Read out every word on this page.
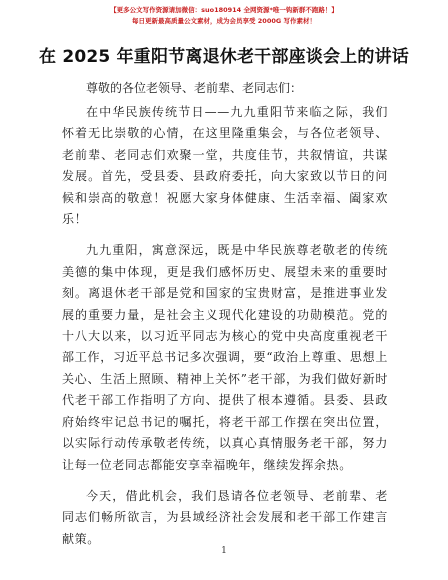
【更多公文写作资源请加微信：suo180914 全网资源*唯一钩新群不跑路！】
每日更新最高质量公文素材，成为会员享受 2000G 写作素材！
在 2025 年重阳节离退休老干部座谈会上的讲话

尊敬的各位老领导、老前辈、老同志们：

在中华民族传统节日——九九重阳节来临之际，我们怀着无比崇敬的心情，在这里隆重集会，与各位老领导、老前辈、老同志们欢聚一堂，共度佳节，共叙情谊，共谋发展。首先，受县委、县政府委托，向大家致以节日的问候和崇高的敬意！祝愿大家身体健康、生活幸福、阖家欢乐！

九九重阳，寓意深远，既是中华民族尊老敬老的传统美德的集中体现，更是我们感怀历史、展望未来的重要时刻。离退休老干部是党和国家的宝贵财富，是推进事业发展的重要力量，是社会主义现代化建设的功勋模范。党的十八大以来，以习近平同志为核心的党中央高度重视老干部工作，习近平总书记多次强调，要“政治上尊重、思想上关心、生活上照顾、精神上关怀”老干部，为我们做好新时代老干部工作指明了方向、提供了根本遵循。县委、县政府始终牢记总书记的嘱托，将老干部工作摆在突出位置，以实际行动传承敬老传统，以真心真情服务老干部，努力让每一位老同志都能安享幸福晚年，继续发挥余热。

今天，借此机会，我们恳请各位老领导、老前辈、老同志们畅所欲言，为县域经济社会发展和老干部工作建言献策。

1
